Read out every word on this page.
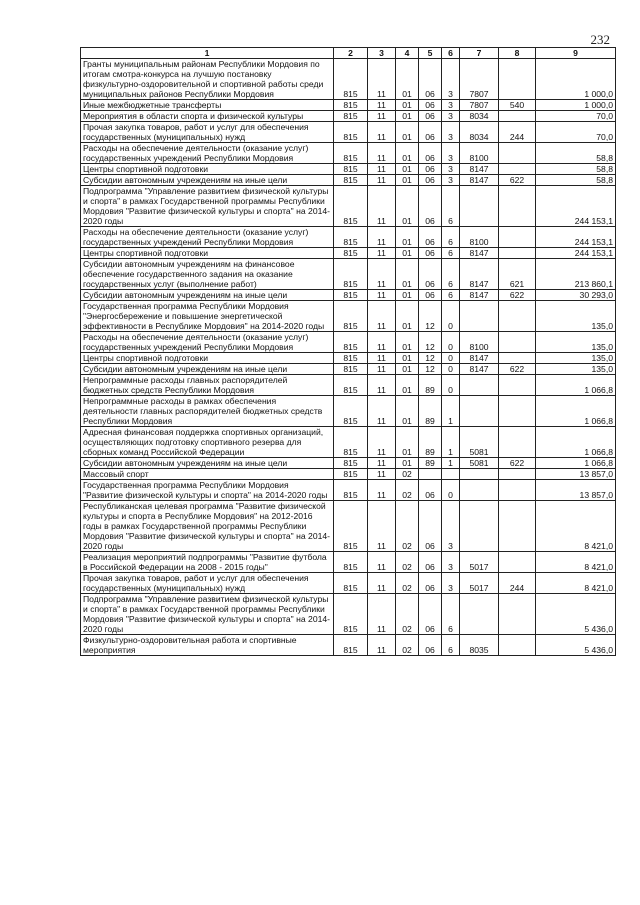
232
1	2	3	4	5	6	7	8	9
Гранты муниципальным районам Республики Мордовия по итогам смотра-конкурса на лучшую постановку физкультурно-оздоровительной и спортивной работы среди муниципальных районов Республики Мордовия	815	11	01	06	3	7807		1 000,0
Иные межбюджетные трансферты	815	11	01	06	3	7807	540	1 000,0
Мероприятия в области спорта и физической культуры	815	11	01	06	3	8034		70,0
Прочая закупка товаров, работ и услуг для обеспечения государственных (муниципальных) нужд	815	11	01	06	3	8034	244	70,0
Расходы на обеспечение деятельности (оказание услуг) государственных учреждений Республики Мордовия	815	11	01	06	3	8100		58,8
Центры спортивной подготовки	815	11	01	06	3	8147		58,8
Субсидии автономным учреждениям на иные цели	815	11	01	06	3	8147	622	58,8
Подпрограмма "Управление развитием физической культуры и спорта" в рамках Государственной программы Республики Мордовия "Развитие физической культуры и спорта" на 2014-2020 годы	815	11	01	06	6			244 153,1
Расходы на обеспечение деятельности (оказание услуг) государственных учреждений Республики Мордовия	815	11	01	06	6	8100		244 153,1
Центры спортивной подготовки	815	11	01	06	6	8147		244 153,1
Субсидии автономным учреждениям на финансовое обеспечение государственного задания на оказание государственных услуг (выполнение работ)	815	11	01	06	6	8147	621	213 860,1
Субсидии автономным учреждениям на иные цели	815	11	01	06	6	8147	622	30 293,0
Государственная программа Республики Мордовия "Энергосбережение и повышение энергетической эффективности в Республике Мордовия" на 2014-2020 годы	815	11	01	12	0			135,0
Расходы на обеспечение деятельности (оказание услуг) государственных учреждений Республики Мордовия	815	11	01	12	0	8100		135,0
Центры спортивной подготовки	815	11	01	12	0	8147		135,0
Субсидии автономным учреждениям на иные цели	815	11	01	12	0	8147	622	135,0
Непрограммные расходы главных распорядителей бюджетных средств Республики Мордовия	815	11	01	89	0			1 066,8
Непрограммные расходы в рамках обеспечения деятельности главных распорядителей бюджетных средств Республики Мордовия	815	11	01	89	1			1 066,8
Адресная финансовая поддержка спортивных организаций, осуществляющих подготовку спортивного резерва для сборных команд Российской Федерации	815	11	01	89	1	5081		1 066,8
Субсидии автономным учреждениям на иные цели	815	11	01	89	1	5081	622	1 066,8
Массовый спорт	815	11	02					13 857,0
Государственная программа Республики Мордовия "Развитие физической культуры и спорта" на 2014-2020 годы	815	11	02	06	0			13 857,0
Республиканская целевая программа "Развитие физической культуры и спорта в Республике Мордовия" на 2012-2016 годы в рамках Государственной программы Республики Мордовия "Развитие физической культуры и спорта" на 2014-2020 годы	815	11	02	06	3			8 421,0
Реализация мероприятий подпрограммы "Развитие футбола в Российской Федерации на 2008 - 2015 годы"	815	11	02	06	3	5017		8 421,0
Прочая закупка товаров, работ и услуг для обеспечения государственных (муниципальных) нужд	815	11	02	06	3	5017	244	8 421,0
Подпрограмма "Управление развитием физической культуры и спорта" в рамках Государственной программы Республики Мордовия "Развитие физической культуры и спорта" на 2014-2020 годы	815	11	02	06	6			5 436,0
Физкультурно-оздоровительная работа и спортивные мероприятия	815	11	02	06	6	8035		5 436,0
